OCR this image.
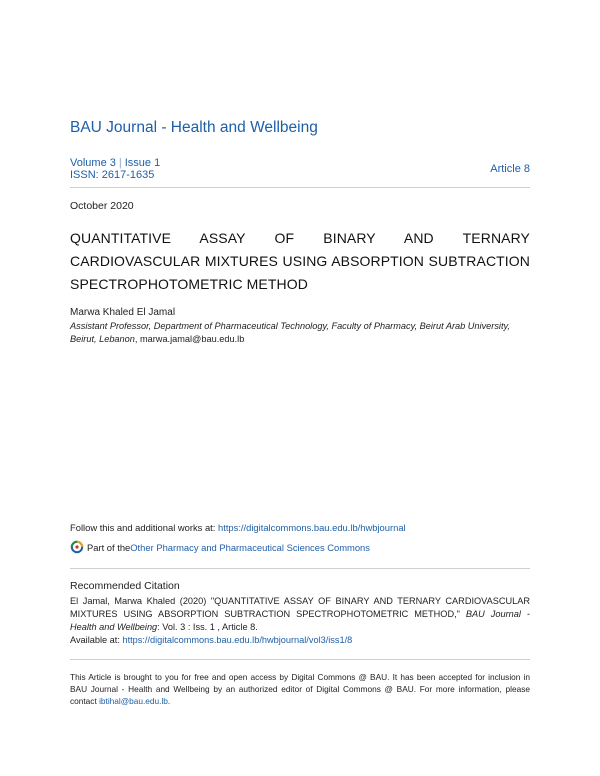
BAU Journal - Health and Wellbeing
Volume 3 | Issue 1
ISSN: 2617-1635	Article 8
October 2020
QUANTITATIVE ASSAY OF BINARY AND TERNARY CARDIOVASCULAR MIXTURES USING ABSORPTION SUBTRACTION SPECTROPHOTOMETRIC METHOD
Marwa Khaled El Jamal
Assistant Professor, Department of Pharmaceutical Technology, Faculty of Pharmacy, Beirut Arab University, Beirut, Lebanon, marwa.jamal@bau.edu.lb
Follow this and additional works at: https://digitalcommons.bau.edu.lb/hwbjournal
Part of the Other Pharmacy and Pharmaceutical Sciences Commons
Recommended Citation
El Jamal, Marwa Khaled (2020) "QUANTITATIVE ASSAY OF BINARY AND TERNARY CARDIOVASCULAR MIXTURES USING ABSORPTION SUBTRACTION SPECTROPHOTOMETRIC METHOD," BAU Journal - Health and Wellbeing: Vol. 3 : Iss. 1 , Article 8.
Available at: https://digitalcommons.bau.edu.lb/hwbjournal/vol3/iss1/8
This Article is brought to you for free and open access by Digital Commons @ BAU. It has been accepted for inclusion in BAU Journal - Health and Wellbeing by an authorized editor of Digital Commons @ BAU. For more information, please contact ibtihal@bau.edu.lb.
